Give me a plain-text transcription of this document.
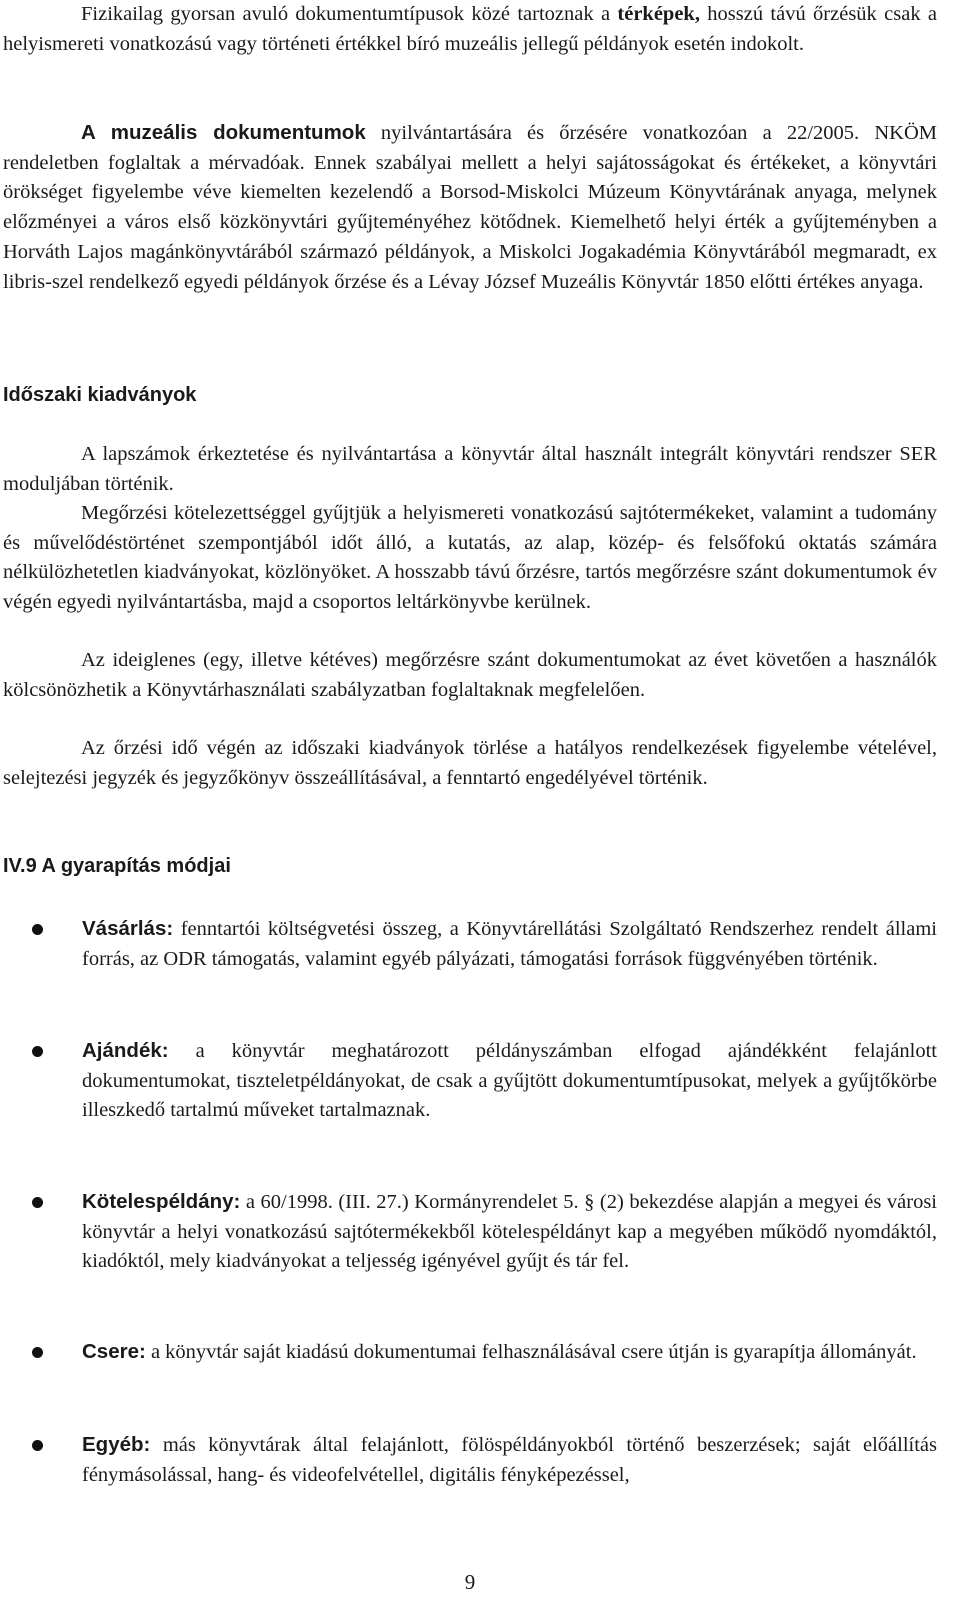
Fizikailag gyorsan avuló dokumentumtípusok közé tartoznak a térképek, hosszú távú őrzésük csak a helyismereti vonatkozású vagy történeti értékkel bíró muzeális jellegű példányok esetén indokolt.

A muzeális dokumentumok nyilvántartására és őrzésére vonatkozóan a 22/2005. NKÖM rendeletben foglaltak a mérvadóak. Ennek szabályai mellett a helyi sajátosságokat és értékeket, a könyvtári örökséget figyelembe véve kiemelten kezelendő a Borsod-Miskolci Múzeum Könyvtárának anyaga, melynek előzményei a város első közkönyvtári gyűjteményéhez kötődnek. Kiemelhető helyi érték a gyűjteményben a Horváth Lajos magánkönyvtárából származó példányok, a Miskolci Jogakadémia Könyvtárából megmaradt, ex libris-szel rendelkező egyedi példányok őrzése és a Lévay József Muzeális Könyvtár 1850 előtti értékes anyaga.

Időszaki kiadványok

A lapszámok érkeztetése és nyilvántartása a könyvtár által használt integrált könyvtári rendszer SER moduljában történik.

Megőrzési kötelezettséggel gyűjtjük a helyismereti vonatkozású sajtótermékeket, valamint a tudomány és művelődéstörténet szempontjából időt álló, a kutatás, az alap, közép- és felsőfokú oktatás számára nélkülözhetetlen kiadványokat, közlönyöket. A hosszabb távú őrzésre, tartós megőrzésre szánt dokumentumok év végén egyedi nyilvántartásba, majd a csoportos leltárkönyvbe kerülnek.

Az ideiglenes (egy, illetve kétéves) megőrzésre szánt dokumentumokat az évet követően a használók kölcsönözhetik a Könyvtárhasználati szabályzatban foglaltaknak megfelelően.

Az őrzési idő végén az időszaki kiadványok törlése a hatályos rendelkezések figyelembe vételével, selejtezési jegyzék és jegyzőkönyv összeállításával, a fenntartó engedélyével történik.

IV.9 A gyarapítás módjai

Vásárlás: fenntartói költségvetési összeg, a Könyvtárellátási Szolgáltató Rendszerhez rendelt állami forrás, az ODR támogatás, valamint egyéb pályázati, támogatási források függvényében történik.

Ajándék: a könyvtár meghatározott példányszámban elfogad ajándékként felajánlott dokumentumokat, tiszteletpéldányokat, de csak a gyűjtött dokumentumtípusokat, melyek a gyűjtőkörbe illeszkedő tartalmú műveket tartalmaznak.

Kötelespéldány: a 60/1998. (III. 27.) Kormányrendelet 5. § (2) bekezdése alapján a megyei és városi könyvtár a helyi vonatkozású sajtótermékekből kötelespéldányt kap a megyében működő nyomdáktól, kiadóktól, mely kiadványokat a teljesség igényével gyűjt és tár fel.

Csere: a könyvtár saját kiadású dokumentumai felhasználásával csere útján is gyarapítja állományát.

Egyéb: más könyvtárak által felajánlott, fölöspéldányokból történő beszerzések; saját előállítás fénymásolással, hang- és videofelvétellel, digitális fényképezéssel,

9
